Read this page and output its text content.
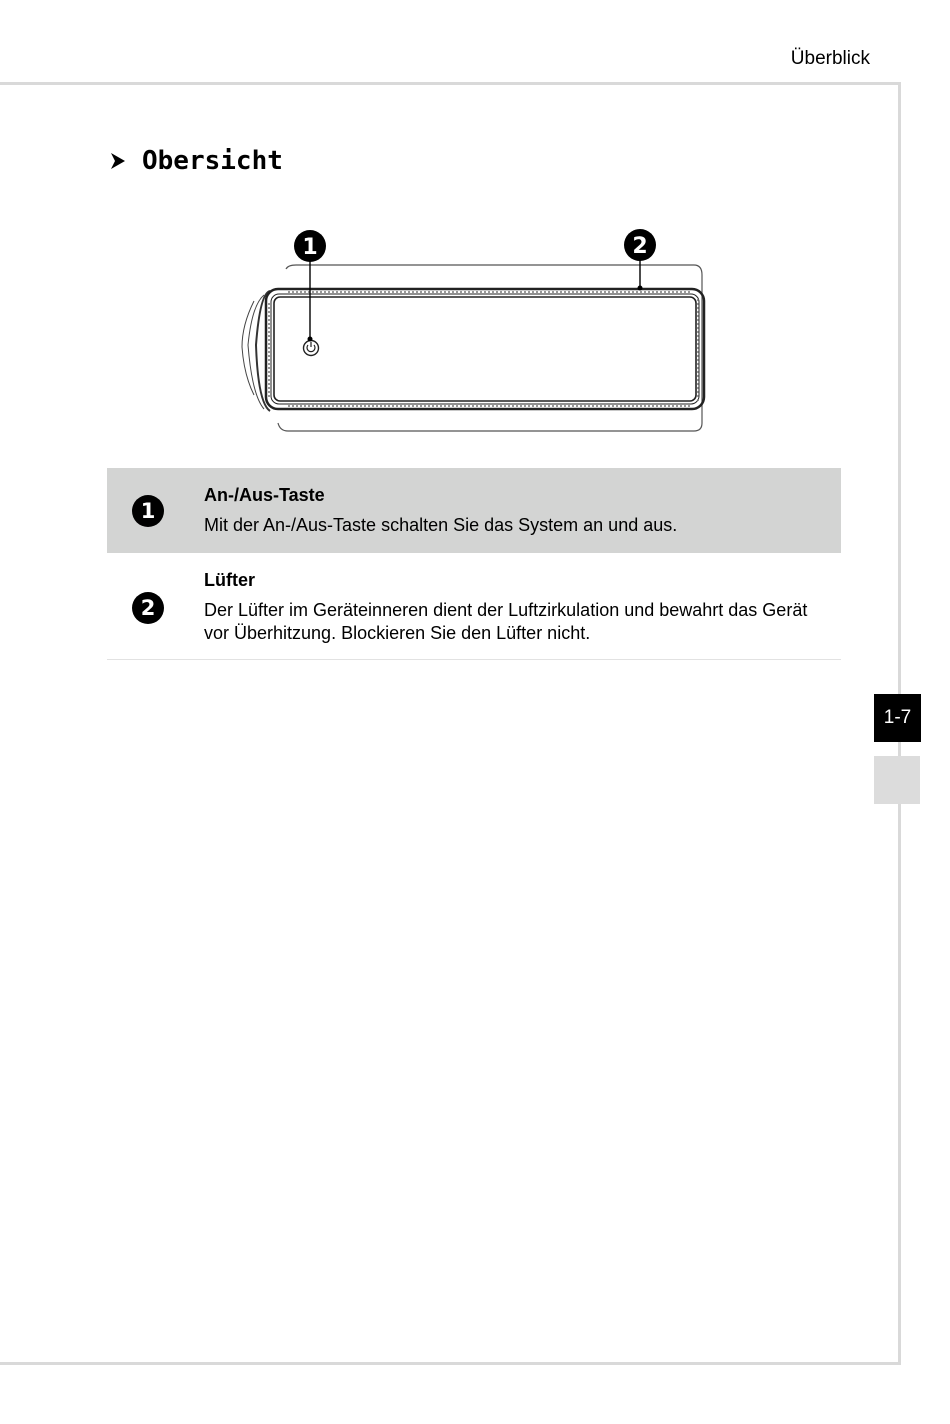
Überblick
Obersicht
1	2
1
An-/Aus-Taste
Mit der An-/Aus-Taste schalten Sie das System an und aus.
2
Lüfter
Der Lüfter im Geräteinneren dient der Luftzirkulation und bewahrt das Gerät vor Überhitzung. Blockieren Sie den Lüfter nicht.
1-7
